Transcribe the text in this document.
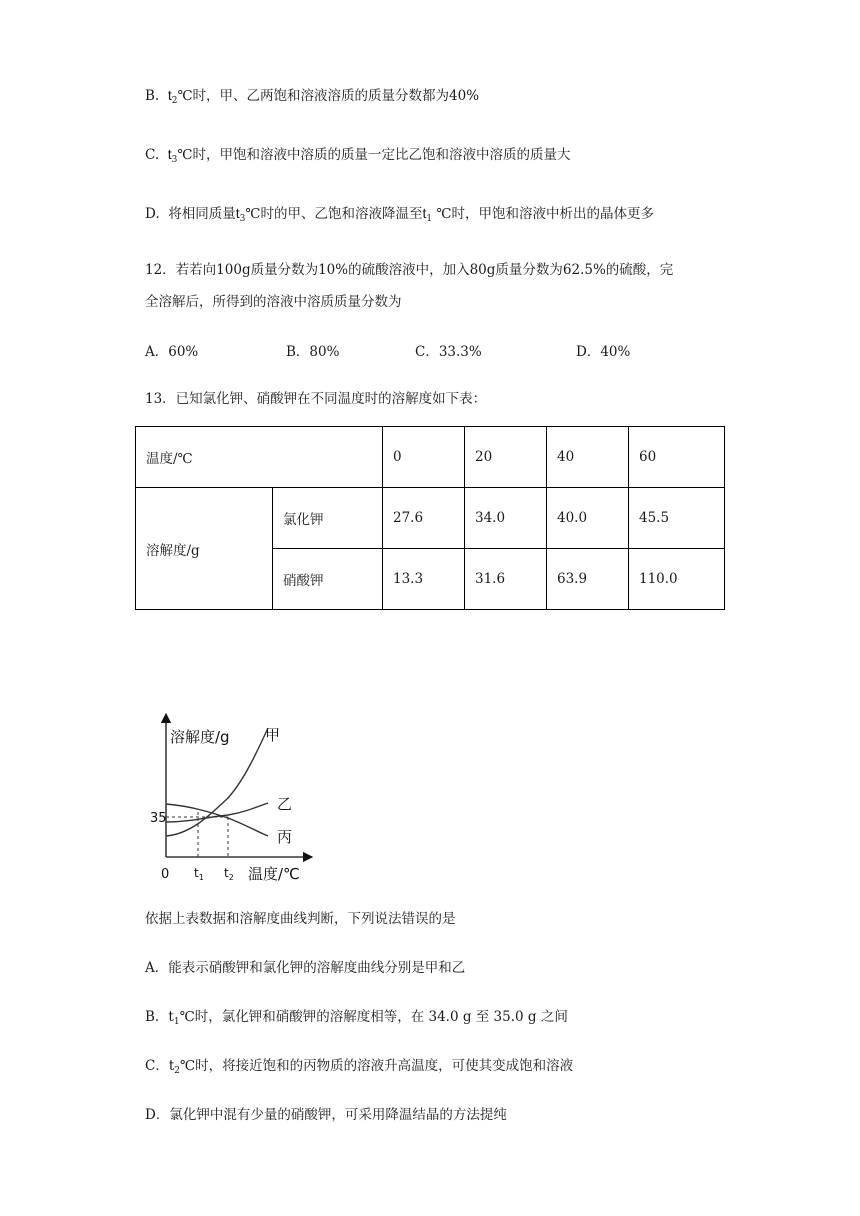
B. $t_2℃$时，甲、乙两饱和溶液溶质的质量分数都为40%
C. $t_3℃$时，甲饱和溶液中溶质的质量一定比乙饱和溶液中溶质的质量大
D. 将相同质量$t_3℃$时的甲、乙饱和溶液降温至$t_1$ ℃时，甲饱和溶液中析出的晶体更多
12．若若向100g质量分数为10%的硫酸溶液中，加入80g质量分数为62.5%的硫酸，完
全溶解后，所得到的溶液中溶质质量分数为
A．60%	B．80%	C．33.3%	D．40%
13．已知氯化钾、硝酸钾在不同温度时的溶解度如下表：
温度/℃		0	20	40	60
溶解度/g	氯化钾	27.6	34.0	40.0	45.5
	硝酸钾	13.3	31.6	63.9	110.0
溶解度/g 甲
乙
丙
35
0 $t_1$ $t_2$ 温度/℃
依据上表数据和溶解度曲线判断，下列说法错误的是
A．能表示硝酸钾和氯化钾的溶解度曲线分别是甲和乙
B．$t_1℃$时，氯化钾和硝酸钾的溶解度相等，在 34.0 g 至 35.0 g 之间
C．$t_2℃$时，将接近饱和的丙物质的溶液升高温度，可使其变成饱和溶液
D．氯化钾中混有少量的硝酸钾，可采用降温结晶的方法提纯
